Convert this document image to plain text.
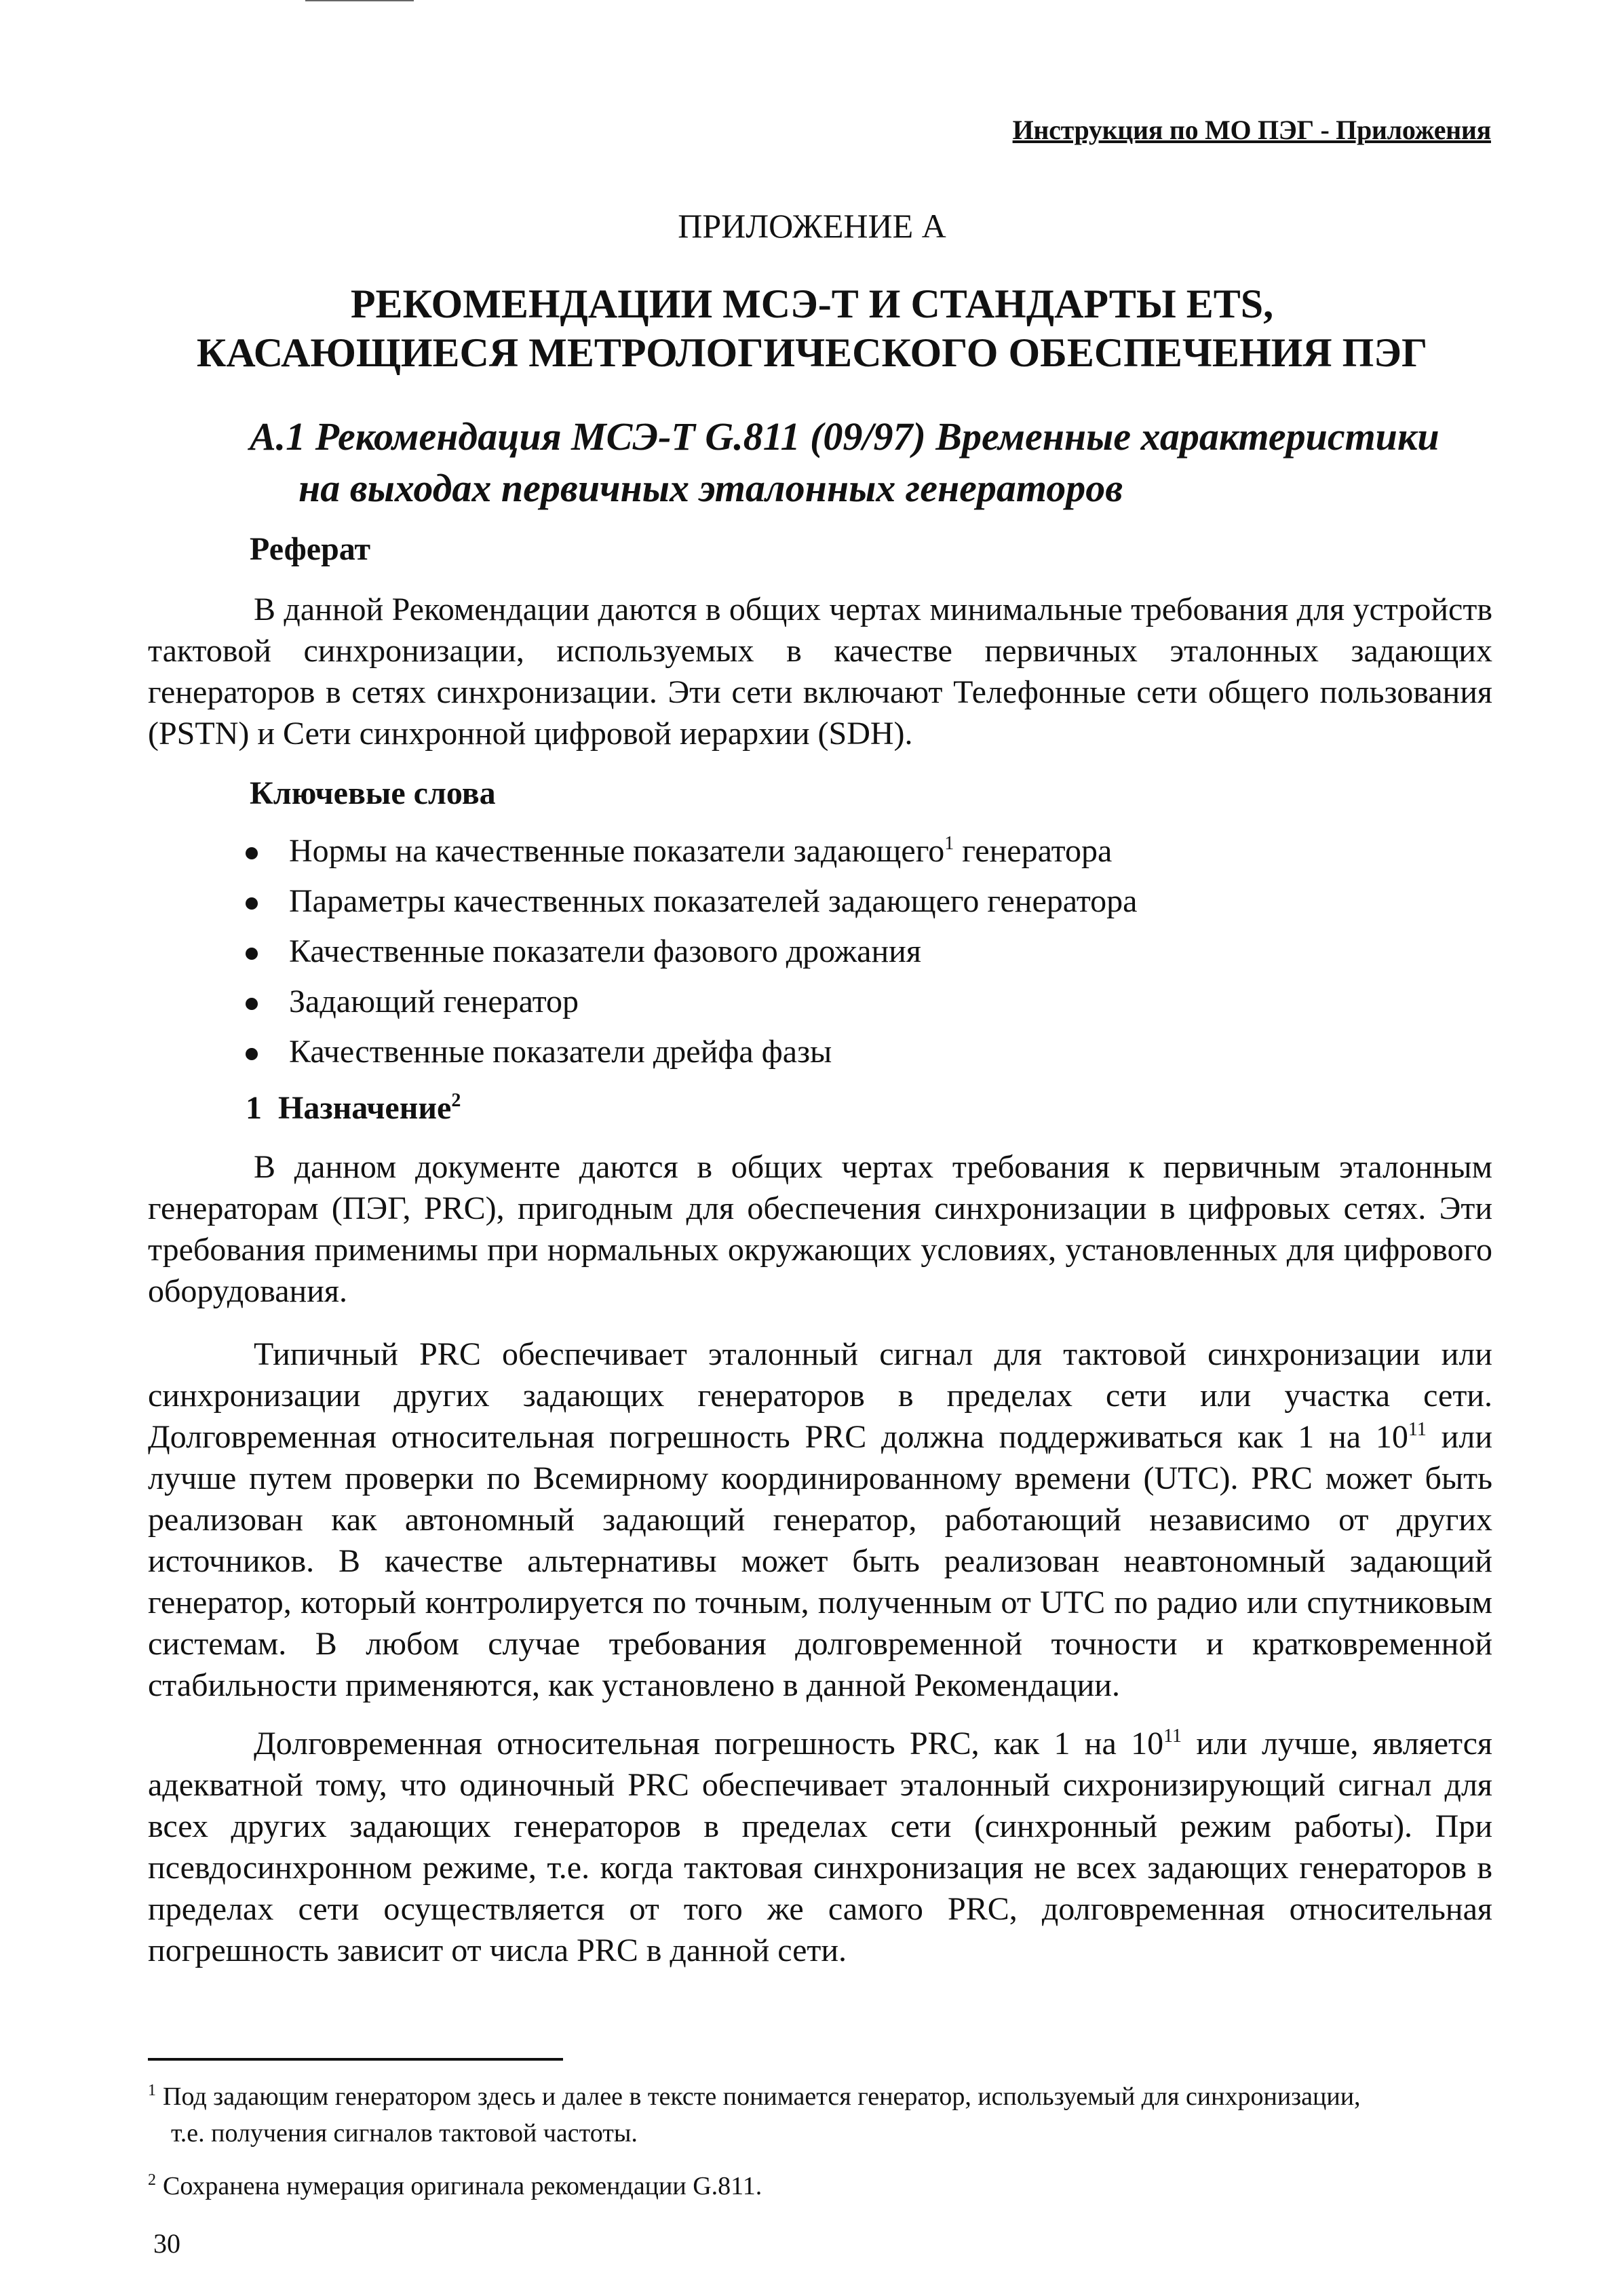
Инструкция по МО ПЭГ - Приложения
ПРИЛОЖЕНИЕ А
РЕКОМЕНДАЦИИ МСЭ-Т И СТАНДАРТЫ ETS,
КАСАЮЩИЕСЯ МЕТРОЛОГИЧЕСКОГО ОБЕСПЕЧЕНИЯ ПЭГ
А.1 Рекомендация МСЭ-Т G.811 (09/97) Временные характеристики
на выходах первичных эталонных генераторов
Реферат
В данной Рекомендации даются в общих чертах минимальные требования для устройств тактовой синхронизации, используемых в качестве первичных эталонных задающих генераторов в сетях синхронизации. Эти сети включают Телефонные сети общего пользования (PSTN) и Сети синхронной цифровой иерархии (SDH).
Ключевые слова
Нормы на качественные показатели задающего$^1$ генератора
Параметры качественных показателей задающего генератора
Качественные показатели фазового дрожания
Задающий генератор
Качественные показатели дрейфа фазы
1 Назначение$^2$
В данном документе даются в общих чертах требования к первичным эталонным генераторам (ПЭГ, PRC), пригодным для обеспечения синхронизации в цифровых сетях. Эти требования применимы при нормальных окружающих условиях, установленных для цифрового оборудования.
Типичный PRC обеспечивает эталонный сигнал для тактовой синхронизации или синхронизации других задающих генераторов в пределах сети или участка сети. Долговременная относительная погрешность PRC должна поддерживаться как 1 на $10^{11}$ или лучше путем проверки по Всемирному координированному времени (UTC). PRC может быть реализован как автономный задающий генератор, работающий независимо от других источников. В качестве альтернативы может быть реализован неавтономный задающий генератор, который контролируется по точным, полученным от UTC по радио или спутниковым системам. В любом случае требования долговременной точности и кратковременной стабильности применяются, как установлено в данной Рекомендации.
Долговременная относительная погрешность PRC, как 1 на $10^{11}$ или лучше, является адекватной тому, что одиночный PRC обеспечивает эталонный сихронизирующий сигнал для всех других задающих генераторов в пределах сети (синхронный режим работы). При псевдосинхронном режиме, т.е. когда тактовая синхронизация не всех задающих генераторов в пределах сети осуществляется от того же самого PRC, долговременная относительная погрешность зависит от числа PRC в данной сети.
$^1$ Под задающим генератором здесь и далее в тексте понимается генератор, используемый для синхронизации,
т.е. получения сигналов тактовой частоты.
$^2$ Сохранена нумерация оригинала рекомендации G.811.
30
